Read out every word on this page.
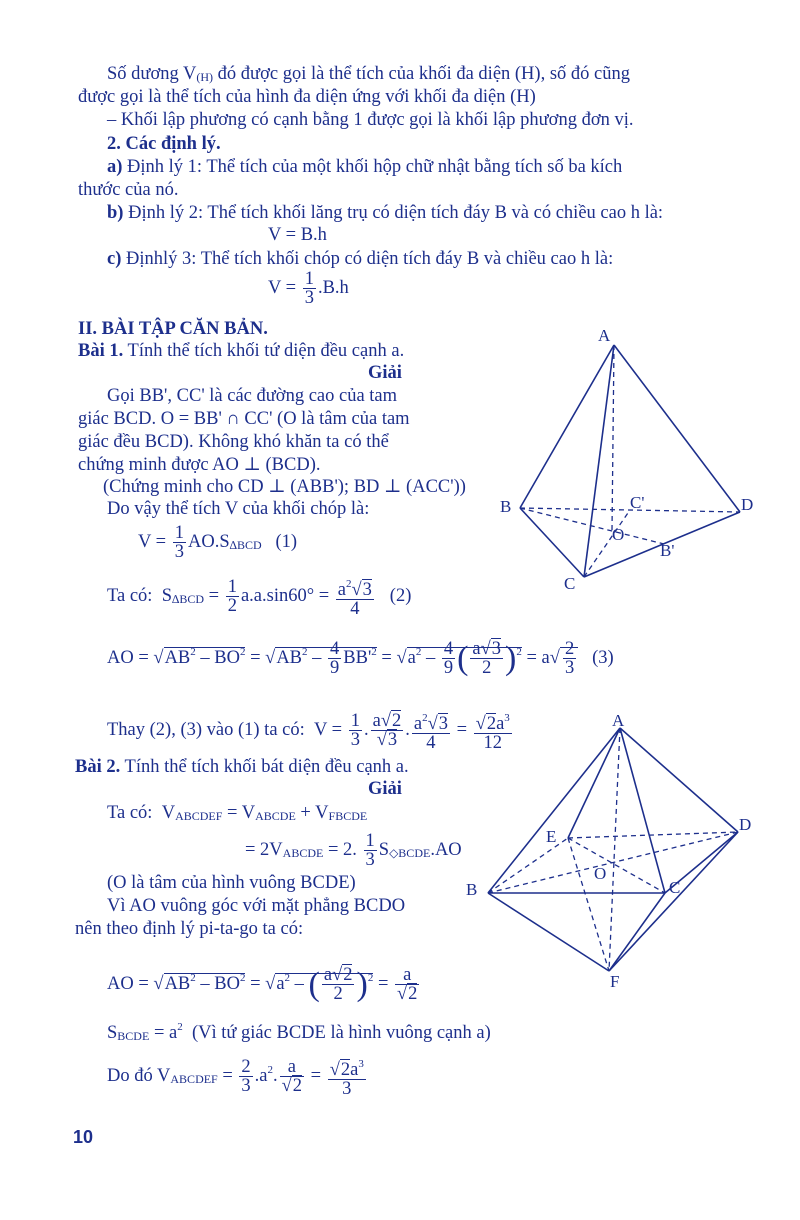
Số dương V(H) đó được gọi là thể tích của khối đa diện (H), số đó cũng
được gọi là thể tích của hình đa diện ứng với khối đa diện (H)
– Khối lập phương có cạnh bằng 1 được gọi là khối lập phương đơn vị.
2. Các định lý.
a) Định lý 1: Thể tích của một khối hộp chữ nhật bằng tích số ba kích
thước của nó.
b) Định lý 2: Thể tích khối lăng trụ có diện tích đáy B và có chiều cao h là:
V = B.h
c) Địnhlý 3: Thể tích khối chóp có diện tích đáy B và chiều cao h là:
$V = \frac{1}{3} .B.h$
II. BÀI TẬP CĂN BẢN.
Bài 1. Tính thể tích khối tứ diện đều cạnh a.
Giải
Gọi BB', CC' là các đường cao của tam
giác BCD. O = BB' ∩ CC' (O là tâm của tam
giác đều BCD). Không khó khăn ta có thể
chứng minh được AO ⊥ (BCD).
(Chứng minh cho CD ⊥ (ABB'); BD ⊥ (ACC'))
Do vậy thể tích V của khối chóp là:
$V = \frac{1}{3} AO.S\Delta BCD$   (1)
Ta có:  $S\Delta BCD = \frac{1}{2} a.a.\sin 60^\circ = \frac{a^2√3}{4} (2)$
AO = $√AB^2 - BO^2 = √AB^2 - \frac{4}{9} BB'^2 = √a^2 - \frac{4}{9}$ ( $\frac{a√3}{2} )^2 = a√ \frac{2}{3} (3)$
Thay (2), (3) vào (1) ta có:  $V = \frac{1}{3}$ . $\frac{a√2}{√3}$ . $\frac{a^2√3}{4} = \frac{√2a^3}{12}$
A
B	C'	D
O
B'
C
Bài 2. Tính thể tích khối bát diện đều cạnh a.
Giải
Ta có:  VABCDEF = VABCDE + VFBCDE
= 2VABCDE = 2. $\frac{1}{3}$ S◇BCDE.AO
(O là tâm của hình vuông BCDE)
Vì AO vuông góc với mặt phẳng BCDO
nên theo định lý pi-ta-go ta có:
AO = $√AB^2 - BO^2 = √a^2$ – ( $\frac{a√2}{2} )^2 = \frac{a}{√2}$
SBCDE = $a^2$  (Vì tứ giác BCDE là hình vuông cạnh a)
Do đó VABCDEF = $\frac{2}{3} .a^2$. $\frac{a}{√2} = \frac{√2a^3}{3}$
A
E
D
O
B	C
F
10
